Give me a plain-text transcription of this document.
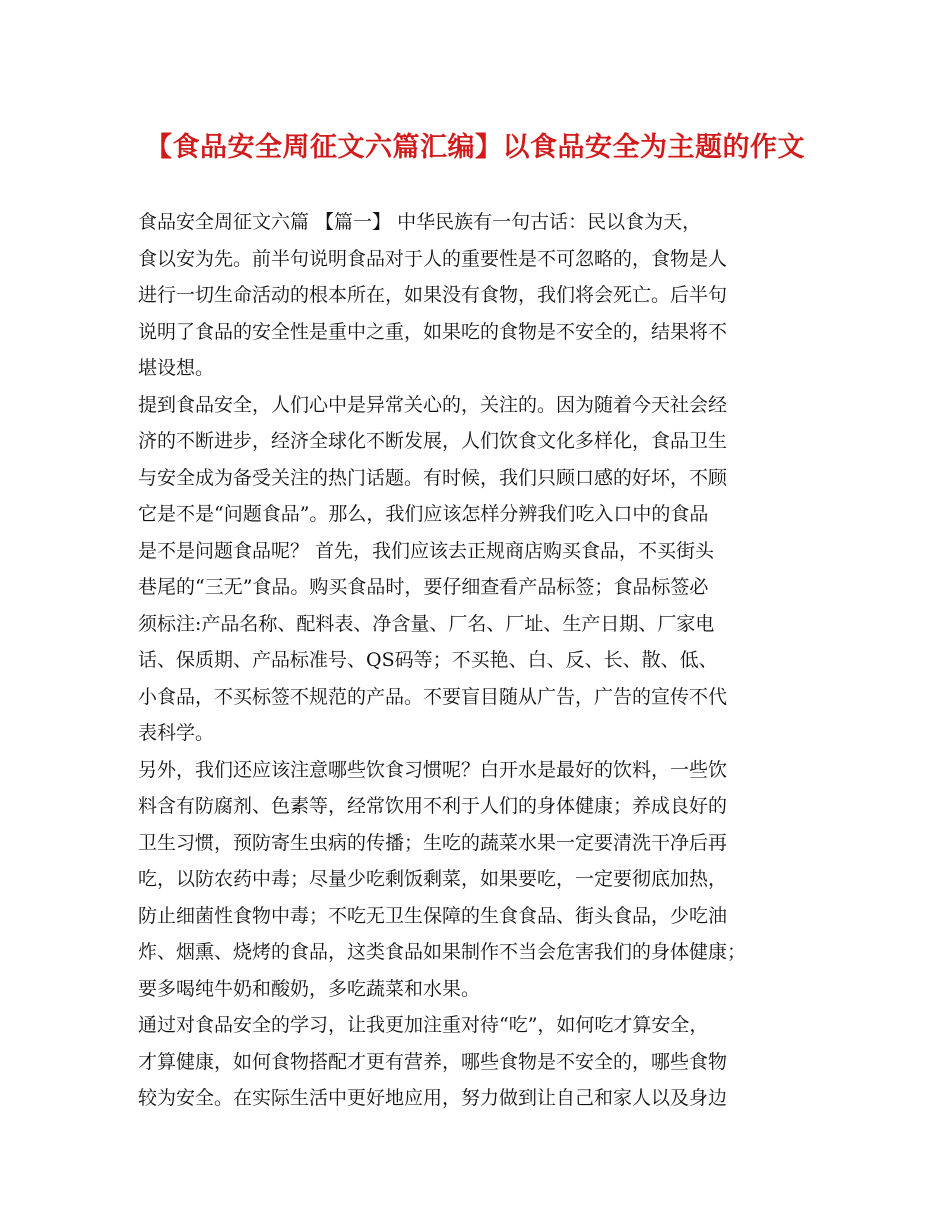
【食品安全周征文六篇汇编】以食品安全为主题的作文
食品安全周征文六篇 【篇一】 中华民族有一句古话：民以食为天，
食以安为先。前半句说明食品对于人的重要性是不可忽略的，食物是人
进行一切生命活动的根本所在，如果没有食物，我们将会死亡。后半句
说明了食品的安全性是重中之重，如果吃的食物是不安全的，结果将不
堪设想。
提到食品安全，人们心中是异常关心的，关注的。因为随着今天社会经
济的不断进步，经济全球化不断发展，人们饮食文化多样化，食品卫生
与安全成为备受关注的热门话题。有时候，我们只顾口感的好坏，不顾
它是不是“问题食品”。那么，我们应该怎样分辨我们吃入口中的食品
是不是问题食品呢？ 首先，我们应该去正规商店购买食品，不买街头
巷尾的“三无”食品。购买食品时，要仔细查看产品标签；食品标签必
须标注:产品名称、配料表、净含量、厂名、厂址、生产日期、厂家电
话、保质期、产品标准号、QS码等；不买艳、白、反、长、散、低、
小食品，不买标签不规范的产品。不要盲目随从广告，广告的宣传不代
表科学。
另外，我们还应该注意哪些饮食习惯呢？白开水是最好的饮料，一些饮
料含有防腐剂、色素等，经常饮用不利于人们的身体健康；养成良好的
卫生习惯，预防寄生虫病的传播；生吃的蔬菜水果一定要清洗干净后再
吃，以防农药中毒；尽量少吃剩饭剩菜，如果要吃，一定要彻底加热，
防止细菌性食物中毒；不吃无卫生保障的生食食品、街头食品，少吃油
炸、烟熏、烧烤的食品，这类食品如果制作不当会危害我们的身体健康；
要多喝纯牛奶和酸奶，多吃蔬菜和水果。
通过对食品安全的学习，让我更加注重对待“吃”，如何吃才算安全，
才算健康，如何食物搭配才更有营养，哪些食物是不安全的，哪些食物
较为安全。在实际生活中更好地应用，努力做到让自己和家人以及身边
